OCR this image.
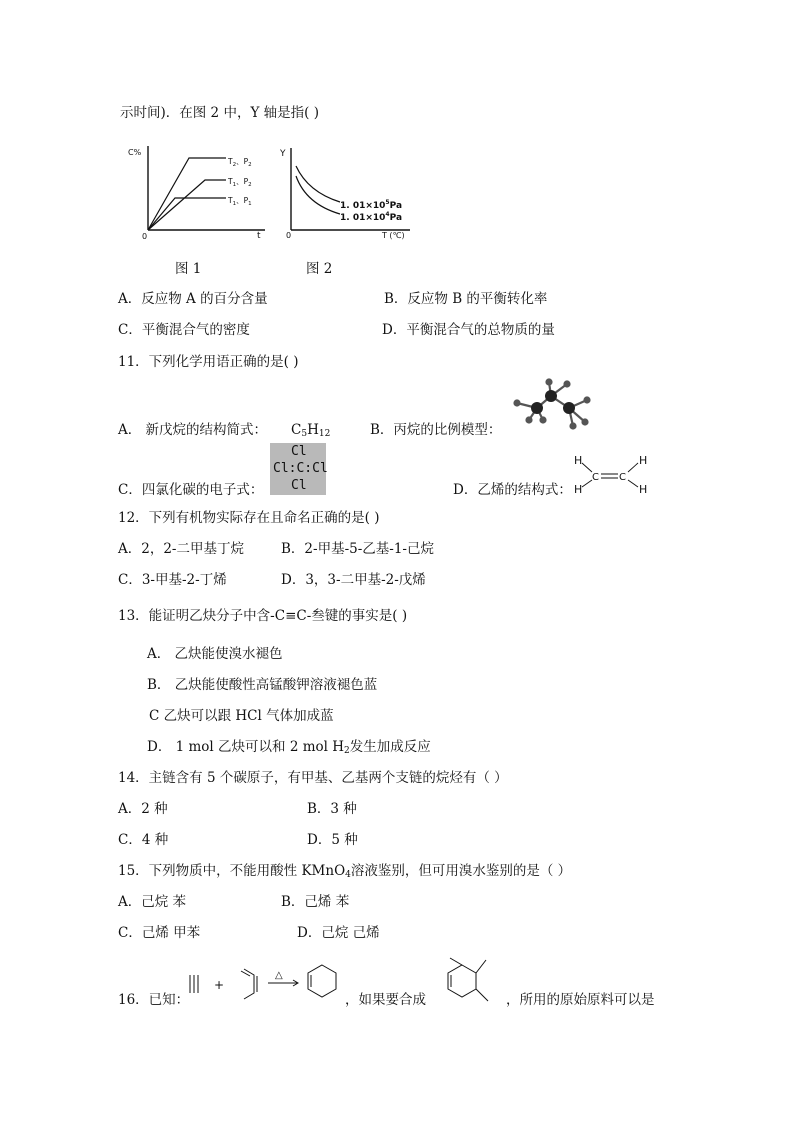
示时间)．在图 2 中，Y 轴是指( )
C%
0	t
$T_2$、$P_2$
$T_1$、$P_2$
$T_1$、$P_1$
Y
0	T (℃)
1. $01\times 10^5Pa$
1. $01\times 10^4Pa$
图 1	图 2
A．反应物 A 的百分含量	B．反应物 B 的平衡转化率
C．平衡混合气的密度	D．平衡混合气的总物质的量
11．下列化学用语正确的是( )
A． 新戊烷的结构简式： $C_5H_{12}$	B．丙烷的比例模型：
C．四氯化碳的电子式：
Cl
Cl:C:Cl
Cl	D．乙烯的结构式：
H
H
C C
H
H
12．下列有机物实际存在且命名正确的是( )
A．2，2-二甲基丁烷	B．2-甲基-5-乙基-1-己烷
C．3-甲基-2-丁烯	D．3，3-二甲基-2-戊烯
13．能证明乙炔分子中含-C≡C-叁键的事实是( )
A． 乙炔能使溴水褪色
B． 乙炔能使酸性高锰酸钾溶液褪色蓝
C 乙炔可以跟 HCl 气体加成蓝
D． 1 mol 乙炔可以和 2 mol $H_2$发生加成反应
14．主链含有 5 个碳原子，有甲基、乙基两个支链的烷烃有（ ）
A．2 种	B．3 种
C．4 种	D．5 种
15．下列物质中，不能用酸性 KMnO$_4$溶液鉴别，但可用溴水鉴别的是（ ）
A．己烷 苯	B．己烯 苯
C．己烯 甲苯	D．己烷 己烯
16．已知：
+
△
，如果要合成	，所用的原始原料可以是
